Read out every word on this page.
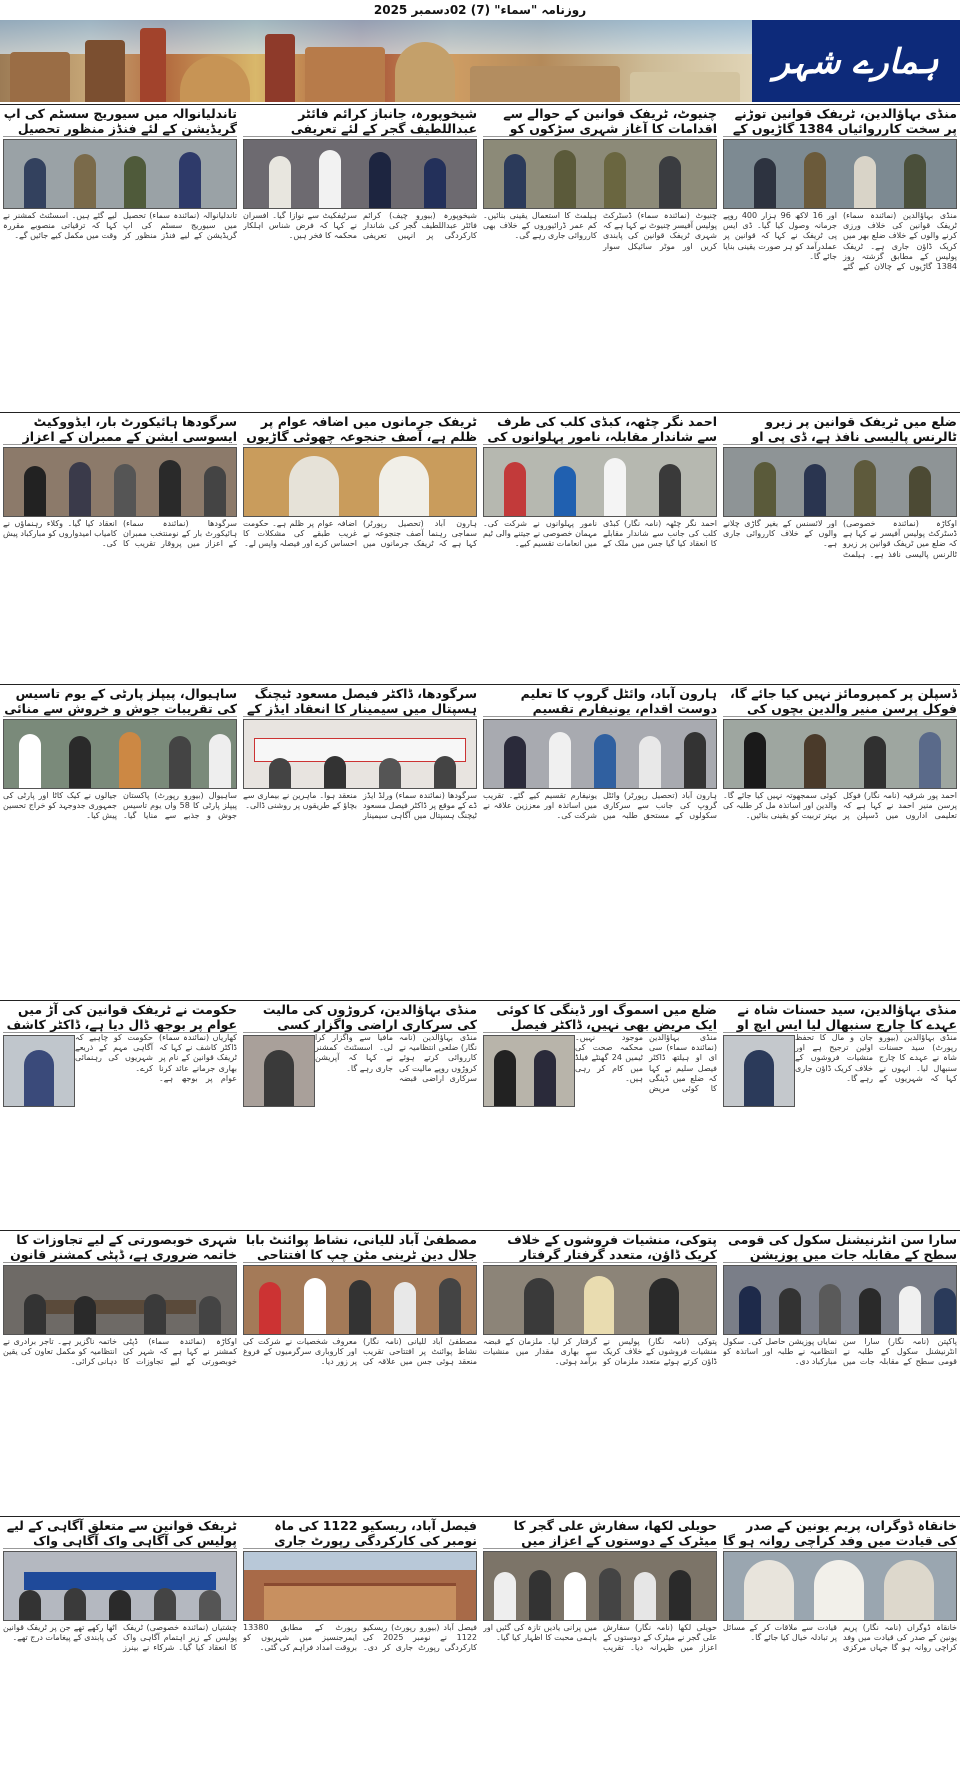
روزنامہ "سماء" (7) 02دسمبر 2025
ہمارے شہر
منڈی بہاؤالدین، ٹریفک قوانین توڑنے پر سخت کارروائیاں 1384 گاڑیوں کے
منڈی بہاؤالدین (نمائندہ سماء) ٹریفک قوانین کی خلاف ورزی کرنے والوں کے خلاف ضلع بھر میں کریک ڈاؤن جاری ہے۔ ٹریفک پولیس کے مطابق گزشتہ روز 1384 گاڑیوں کے چالان کیے گئے اور 16 لاکھ 96 ہزار 400 روپے جرمانہ وصول کیا گیا۔ ڈی ایس پی ٹریفک نے کہا کہ قوانین پر عملدرآمد کو ہر صورت یقینی بنایا جائے گا۔
چنیوٹ، ٹریفک قوانین کے حوالے سے اقدامات کا آغاز شہری سڑکوں کو
چنیوٹ (نمائندہ سماء) ڈسٹرکٹ پولیس آفیسر چنیوٹ نے کہا ہے کہ شہری ٹریفک قوانین کی پابندی کریں اور موٹر سائیکل سوار ہیلمٹ کا استعمال یقینی بنائیں۔ کم عمر ڈرائیوروں کے خلاف بھی کارروائی جاری رہے گی۔
شیخوپورہ، جانباز کرائم فائٹر عبداللطیف گجر کے لئے تعریفی
شیخوپورہ (بیورو چیف) کرائم فائٹر عبداللطیف گجر کی شاندار کارکردگی پر انہیں تعریفی سرٹیفکیٹ سے نوازا گیا۔ افسران نے کہا کہ فرض شناس اہلکار محکمہ کا فخر ہیں۔
تاندلیانوالہ میں سیوریج سسٹم کی اپ گریڈیشن کے لئے فنڈز منظور تحصیل
تاندلیانوالہ (نمائندہ سماء) تحصیل میں سیوریج سسٹم کی اپ گریڈیشن کے لیے فنڈز منظور کر لیے گئے ہیں۔ اسسٹنٹ کمشنر نے کہا کہ ترقیاتی منصوبے مقررہ وقت میں مکمل کیے جائیں گے۔
ضلع میں ٹریفک قوانین پر زیرو ٹالرنس پالیسی نافذ ہے، ڈی پی او
اوکاڑہ (نمائندہ خصوصی) ڈسٹرکٹ پولیس آفیسر نے کہا ہے کہ ضلع میں ٹریفک قوانین پر زیرو ٹالرنس پالیسی نافذ ہے۔ ہیلمٹ اور لائسنس کے بغیر گاڑی چلانے والوں کے خلاف کارروائی جاری ہے۔
احمد نگر چٹھہ، کبڈی کلب کی طرف سے شاندار مقابلہ، نامور پہلوانوں کی
احمد نگر چٹھہ (نامہ نگار) کبڈی کلب کی جانب سے شاندار مقابلے کا انعقاد کیا گیا جس میں ملک کے نامور پہلوانوں نے شرکت کی۔ مہمان خصوصی نے جیتنے والی ٹیم میں انعامات تقسیم کیے۔
ٹریفک جرمانوں میں اضافہ عوام پر ظلم ہے، آصف جنجوعہ چھوٹی گاڑیوں
ہارون آباد (تحصیل رپورٹر) سماجی رہنما آصف جنجوعہ نے کہا ہے کہ ٹریفک جرمانوں میں اضافہ عوام پر ظلم ہے۔ حکومت غریب طبقے کی مشکلات کا احساس کرے اور فیصلہ واپس لے۔
سرگودھا ہائیکورٹ بار، ایڈووکیٹ ایسوسی ایشن کے ممبران کے اعزاز
سرگودھا (نمائندہ سماء) ہائیکورٹ بار کے نومنتخب ممبران کے اعزاز میں پروقار تقریب کا انعقاد کیا گیا۔ وکلاء رہنماؤں نے کامیاب امیدواروں کو مبارکباد پیش کی۔
ڈسپلن پر کمپرومائز نہیں کیا جائے گا، فوکل پرسن منیر والدین بچوں کی
احمد پور شرقیہ (نامہ نگار) فوکل پرسن منیر احمد نے کہا ہے کہ تعلیمی اداروں میں ڈسپلن پر کوئی سمجھوتہ نہیں کیا جائے گا۔ والدین اور اساتذہ مل کر طلبہ کی بہتر تربیت کو یقینی بنائیں۔
ہارون آباد، وائٹل گروپ کا تعلیم دوست اقدام، یونیفارم تقسیم
ہارون آباد (تحصیل رپورٹر) وائٹل گروپ کی جانب سے سرکاری سکولوں کے مستحق طلبہ میں یونیفارم تقسیم کیے گئے۔ تقریب میں اساتذہ اور معززین علاقہ نے شرکت کی۔
سرگودھا، ڈاکٹر فیصل مسعود ٹیچنگ ہسپتال میں سیمینار کا انعقاد ایڈز کے
سرگودھا (نمائندہ سماء) ورلڈ ایڈز ڈے کے موقع پر ڈاکٹر فیصل مسعود ٹیچنگ ہسپتال میں آگاہی سیمینار منعقد ہوا۔ ماہرین نے بیماری سے بچاؤ کے طریقوں پر روشنی ڈالی۔
ساہیوال، پیپلز پارٹی کے یوم تاسیس کی تقریبات جوش و خروش سے منائی
ساہیوال (بیورو رپورٹ) پاکستان پیپلز پارٹی کا 58 واں یوم تاسیس جوش و جذبے سے منایا گیا۔ جیالوں نے کیک کاٹا اور پارٹی کی جمہوری جدوجہد کو خراج تحسین پیش کیا۔
منڈی بہاؤالدین، سید حسنات شاہ نے عہدے کا چارج سنبھال لیا ایس ایچ او
منڈی بہاؤالدین (بیورو رپورٹ) سید حسنات شاہ نے عہدے کا چارج سنبھال لیا۔ انہوں نے کہا کہ شہریوں کے جان و مال کا تحفظ اولین ترجیح ہے اور منشیات فروشوں کے خلاف کریک ڈاؤن جاری رہے گا۔
ضلع میں اسموگ اور ڈینگی کا کوئی ایک مریض بھی نہیں، ڈاکٹر فیصل
منڈی بہاؤالدین (نمائندہ سماء) سی ای او ہیلتھ ڈاکٹر فیصل سلیم نے کہا کہ ضلع میں ڈینگی کا کوئی مریض موجود نہیں۔ محکمہ صحت کی ٹیمیں 24 گھنٹے فیلڈ میں کام کر رہی ہیں۔
منڈی بہاؤالدین، کروڑوں کی مالیت کی سرکاری اراضی واگزار کسی
منڈی بہاؤالدین (نامہ نگار) ضلعی انتظامیہ نے کارروائی کرتے ہوئے کروڑوں روپے مالیت کی سرکاری اراضی قبضہ مافیا سے واگزار کرا لی۔ اسسٹنٹ کمشنر نے کہا کہ آپریشن جاری رہے گا۔
حکومت نے ٹریفک قوانین کی آڑ میں عوام پر بوجھ ڈال دیا ہے، ڈاکٹر کاشف
کھاریاں (نمائندہ سماء) ڈاکٹر کاشف نے کہا کہ ٹریفک قوانین کے نام پر بھاری جرمانے عائد کرنا عوام پر بوجھ ہے۔ حکومت کو چاہیے کہ آگاہی مہم کے ذریعے شہریوں کی رہنمائی کرے۔
سارا سن انٹرنیشنل سکول کی قومی سطح کے مقابلہ جات میں پوزیشن
پاکپتن (نامہ نگار) سارا سن انٹرنیشنل سکول کے طلبہ نے قومی سطح کے مقابلہ جات میں نمایاں پوزیشن حاصل کی۔ سکول انتظامیہ نے طلبہ اور اساتذہ کو مبارکباد دی۔
پتوکی، منشیات فروشوں کے خلاف کریک ڈاؤن، متعدد گرفتار گرفتار
پتوکی (نامہ نگار) پولیس نے منشیات فروشوں کے خلاف کریک ڈاؤن کرتے ہوئے متعدد ملزمان کو گرفتار کر لیا۔ ملزمان کے قبضہ سے بھاری مقدار میں منشیات برآمد ہوئی۔
مصطفیٰ آباد للیانی، نشاط پوائنٹ بابا جلال دین ٹرینی مٹن چپ کا افتتاحی
مصطفیٰ آباد للیانی (نامہ نگار) نشاط پوائنٹ پر افتتاحی تقریب منعقد ہوئی جس میں علاقہ کی معروف شخصیات نے شرکت کی اور کاروباری سرگرمیوں کے فروغ پر زور دیا۔
شہری خوبصورتی کے لیے تجاوزات کا خاتمہ ضروری ہے، ڈپٹی کمشنر قانون
اوکاڑہ (نمائندہ سماء) ڈپٹی کمشنر نے کہا ہے کہ شہر کی خوبصورتی کے لیے تجاوزات کا خاتمہ ناگزیر ہے۔ تاجر برادری نے انتظامیہ کو مکمل تعاون کی یقین دہانی کرائی۔
خانقاہ ڈوگراں، پریم یونین کے صدر کی قیادت میں وفد کراچی روانہ ہو گا
خانقاہ ڈوگراں (نامہ نگار) پریم یونین کے صدر کی قیادت میں وفد کراچی روانہ ہو گا جہاں مرکزی قیادت سے ملاقات کر کے مسائل پر تبادلہ خیال کیا جائے گا۔
حویلی لکھا، سفارش علی گجر کا میٹرک کے دوستوں کے اعزاز میں
حویلی لکھا (نامہ نگار) سفارش علی گجر نے میٹرک کے دوستوں کے اعزاز میں ظہرانہ دیا۔ تقریب میں پرانی یادیں تازہ کی گئیں اور باہمی محبت کا اظہار کیا گیا۔
فیصل آباد، ریسکیو 1122 کی ماہ نومبر کی کارکردگی رپورٹ جاری
فیصل آباد (بیورو رپورٹ) ریسکیو 1122 نے نومبر 2025 کی کارکردگی رپورٹ جاری کر دی۔ رپورٹ کے مطابق 13380 ایمرجنسیز میں شہریوں کو بروقت امداد فراہم کی گئی۔
ٹریفک قوانین سے متعلق آگاہی کے لیے پولیس کی آگاہی واک آگاہی واک
چشتیاں (نمائندہ خصوصی) ٹریفک پولیس کے زیر اہتمام آگاہی واک کا انعقاد کیا گیا۔ شرکاء نے بینرز اٹھا رکھے تھے جن پر ٹریفک قوانین کی پابندی کے پیغامات درج تھے۔
